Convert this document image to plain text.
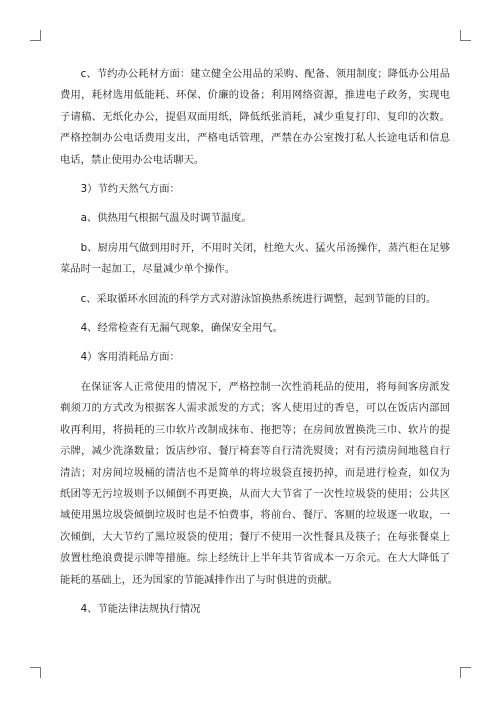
c、节约办公耗材方面：建立健全公用品的采购、配备、领用制度；降低办公用品费用，耗材选用低能耗、环保、价廉的设备；利用网络资源，推进电子政务，实现电子请稿、无纸化办公，提倡双面用纸，降低纸张消耗，减少重复打印、复印的次数。严格控制办公电话费用支出，严格电话管理，严禁在办公室拨打私人长途电话和信息电话，禁止使用办公电话聊天。

3）节约天然气方面：

a、供热用气根据气温及时调节温度。

b、厨房用气做到用时开，不用时关闭，杜绝大火、猛火吊汤操作，蒸汽柜在足够菜品时一起加工，尽量减少单个操作。

c、采取循环水回流的科学方式对游泳馆换热系统进行调整，起到节能的目的。

4、经常检查有无漏气现象，确保安全用气。

4）客用消耗品方面：

在保证客人正常使用的情况下，严格控制一次性消耗品的使用，将每间客房派发剃须刀的方式改为根据客人需求派发的方式；客人使用过的香皂，可以在饭店内部回收再利用，将损耗的三巾软片改制成抹布、拖把等；在房间放置换洗三巾、软片的提示牌，减少洗涤数量；饭店纱帘、餐厅椅套等自行清洗熨烫；对有污渍房间地毯自行清洁；对房间垃圾桶的清洁也不是简单的将垃圾袋直接扔掉，而是进行检查，如仅为纸团等无污垃圾则予以倾倒不再更换，从而大大节省了一次性垃圾袋的使用；公共区域使用黑垃圾袋倾倒垃圾时也是不怕费事，将前台、餐厅、客厕的垃圾逐一收取，一次倾倒，大大节约了黑垃圾袋的使用；餐厅不使用一次性餐具及筷子；在每张餐桌上放置杜绝浪费提示牌等措施。综上经统计上半年共节省成本一万余元。在大大降低了能耗的基础上，还为国家的节能减排作出了与时俱进的贡献。

4、节能法律法规执行情况
